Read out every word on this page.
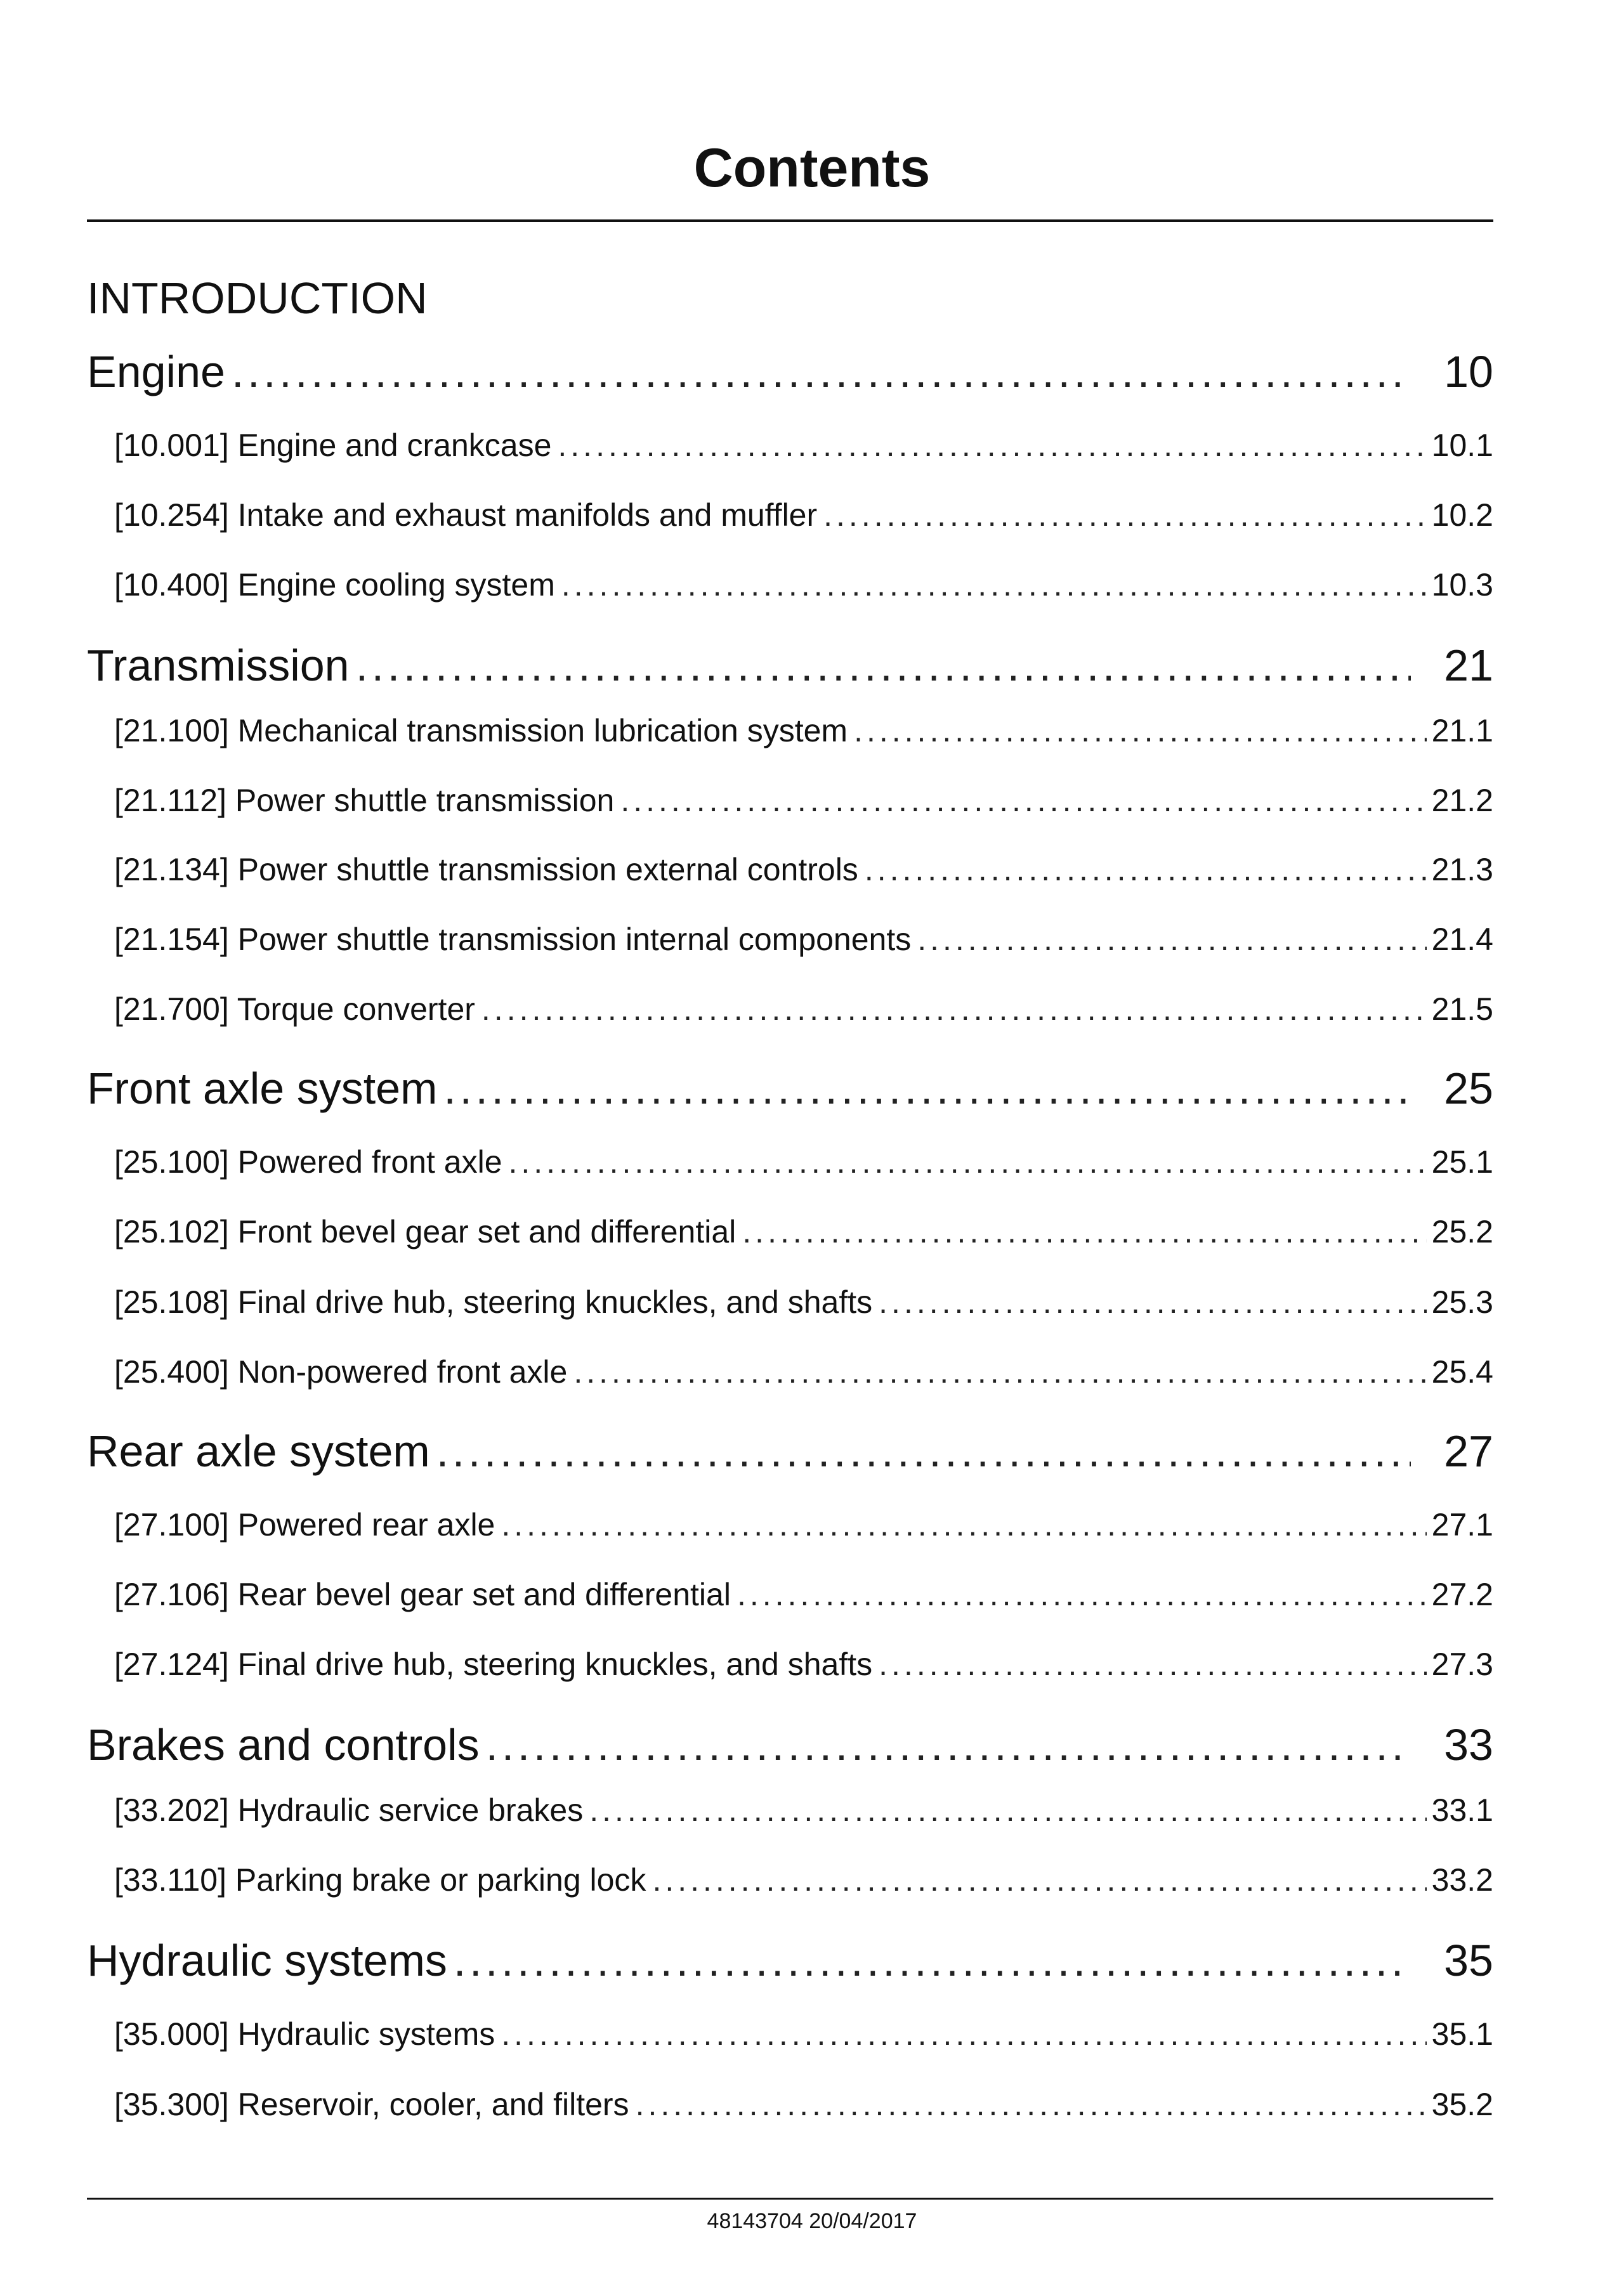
Contents
INTRODUCTION
Engine .....	10
[10.001] Engine and crankcase .....	10.1
[10.254] Intake and exhaust manifolds and muffler .....	10.2
[10.400] Engine cooling system .....	10.3
Transmission .....	21
[21.100] Mechanical transmission lubrication system .....	21.1
[21.112] Power shuttle transmission .....	21.2
[21.134] Power shuttle transmission external controls .....	21.3
[21.154] Power shuttle transmission internal components .....	21.4
[21.700] Torque converter .....	21.5
Front axle system .....	25
[25.100] Powered front axle .....	25.1
[25.102] Front bevel gear set and differential .....	25.2
[25.108] Final drive hub, steering knuckles, and shafts .....	25.3
[25.400] Non-powered front axle .....	25.4
Rear axle system .....	27
[27.100] Powered rear axle .....	27.1
[27.106] Rear bevel gear set and differential .....	27.2
[27.124] Final drive hub, steering knuckles, and shafts .....	27.3
Brakes and controls .....	33
[33.202] Hydraulic service brakes .....	33.1
[33.110] Parking brake or parking lock .....	33.2
Hydraulic systems .....	35
[35.000] Hydraulic systems .....	35.1
[35.300] Reservoir, cooler, and filters .....	35.2
48143704 20/04/2017
